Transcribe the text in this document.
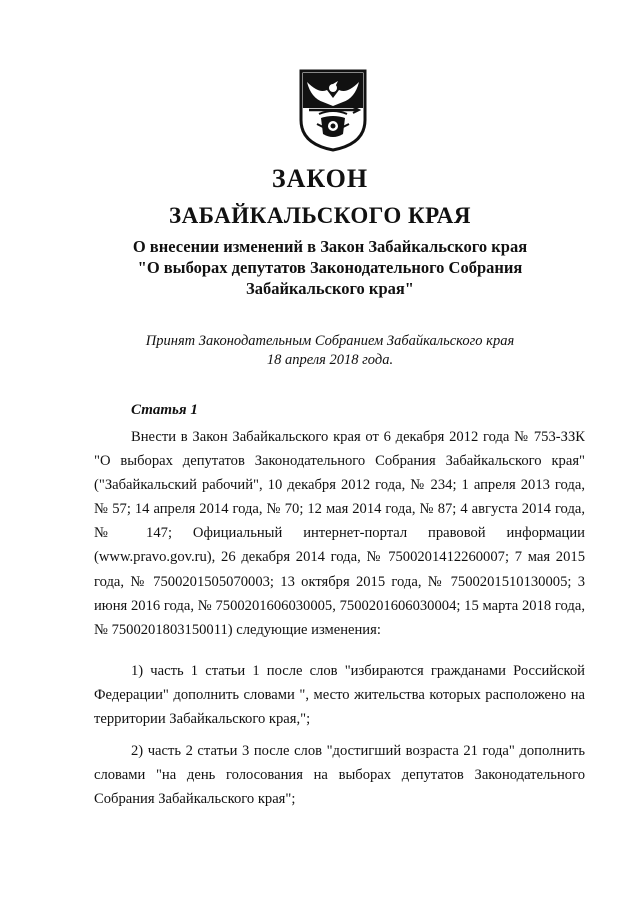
ЗАКОН
ЗАБАЙКАЛЬСКОГО КРАЯ
О внесении изменений в Закон Забайкальского края
"О выборах депутатов Законодательного Собрания
Забайкальского края"
Принят Законодательным Собранием Забайкальского края
18 апреля 2018 года.
Статья 1

Внести в Закон Забайкальского края от 6 декабря 2012 года № 753-ЗЗК "О выборах депутатов Законодательного Собрания Забайкальского края" ("Забайкальский рабочий", 10 декабря 2012 года, № 234; 1 апреля 2013 года, № 57; 14 апреля 2014 года, № 70; 12 мая 2014 года, № 87; 4 августа 2014 года, № 147; Официальный интернет-портал правовой информации (www.pravo.gov.ru), 26 декабря 2014 года, № 7500201412260007; 7 мая 2015 года, № 7500201505070003; 13 октября 2015 года, № 7500201510130005; 3 июня 2016 года, № 7500201606030005, 7500201606030004; 15 марта 2018 года, № 7500201803150011) следующие изменения:

1) часть 1 статьи 1 после слов "избираются гражданами Российской Федерации" дополнить словами ", место жительства которых расположено на территории Забайкальского края,";

2) часть 2 статьи 3 после слов "достигший возраста 21 года" дополнить словами "на день голосования на выборах депутатов Законодательного Собрания Забайкальского края";
